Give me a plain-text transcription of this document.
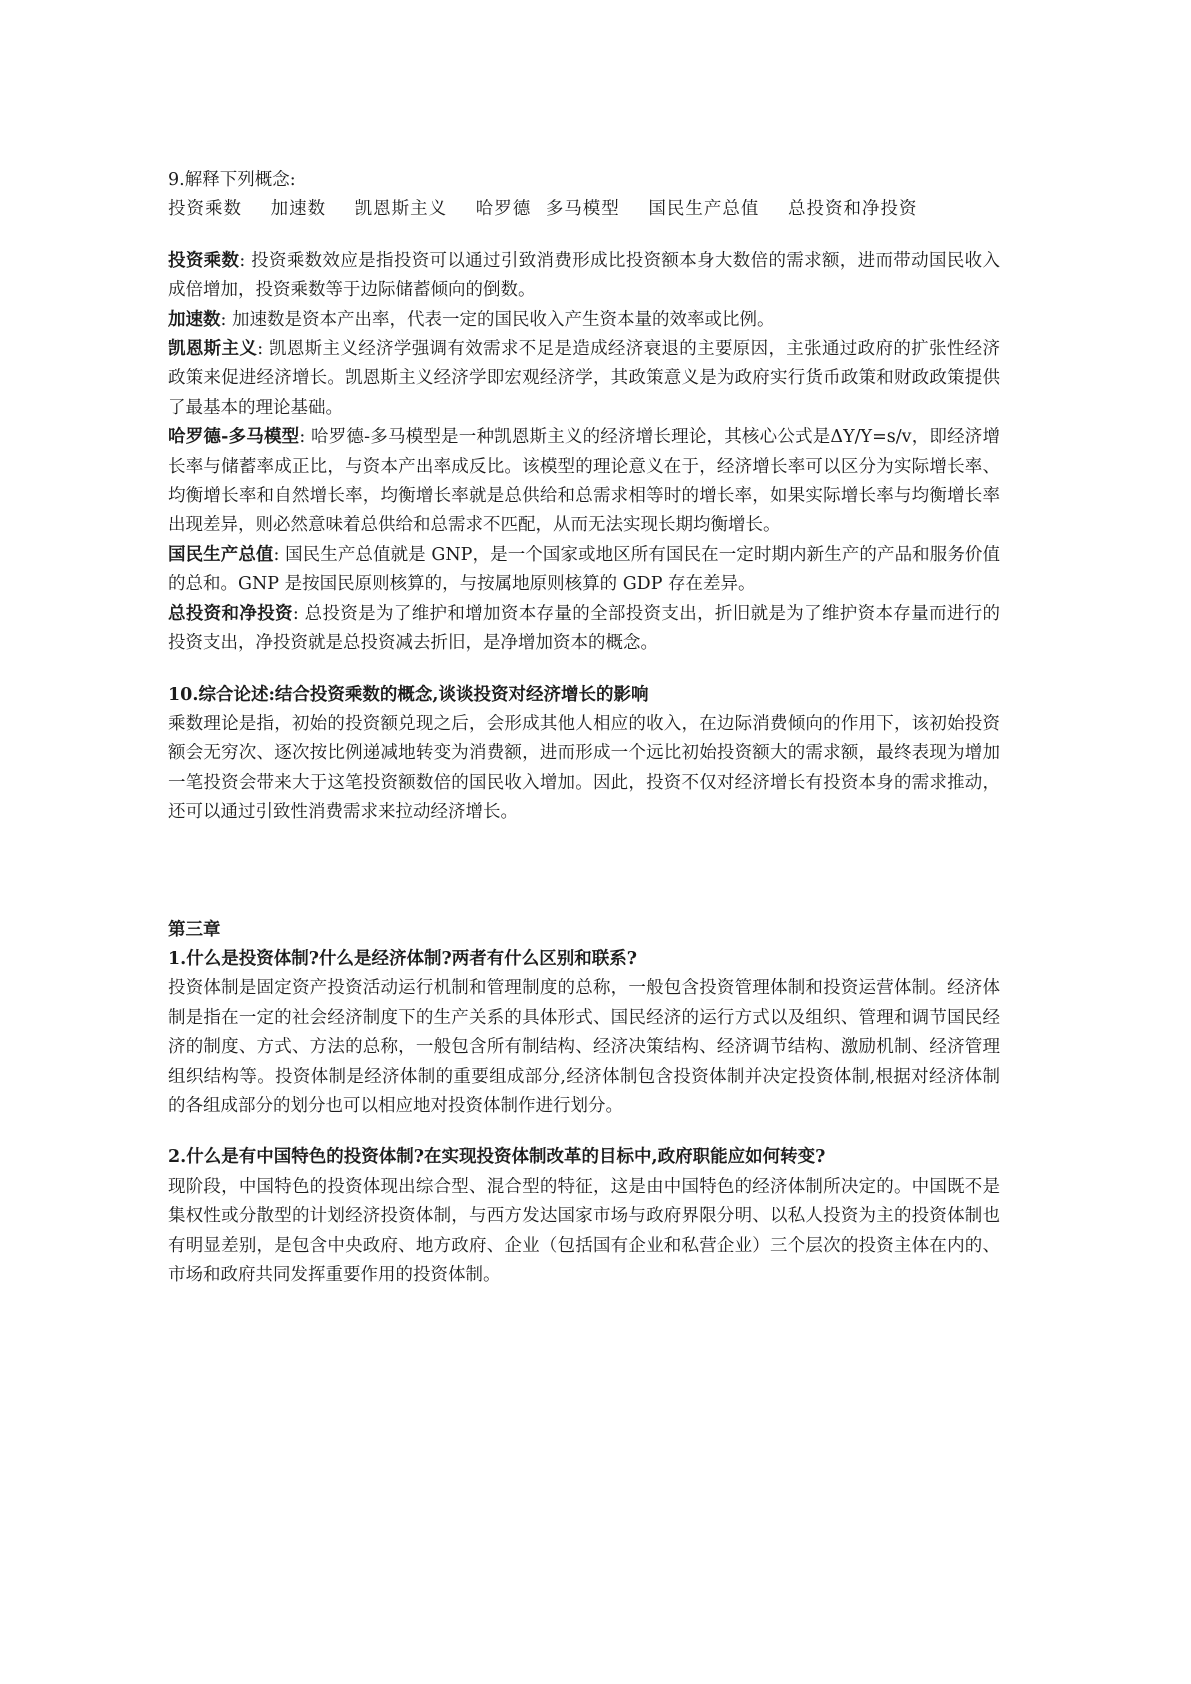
9.解释下列概念:

投资乘数 加速数 凯恩斯主义 哈罗德 多马模型 国民生产总值 总投资和净投资

投资乘数: 投资乘数效应是指投资可以通过引致消费形成比投资额本身大数倍的需求额，进而带动国民收入成倍增加，投资乘数等于边际储蓄倾向的倒数。

加速数: 加速数是资本产出率，代表一定的国民收入产生资本量的效率或比例。

凯恩斯主义: 凯恩斯主义经济学强调有效需求不足是造成经济衰退的主要原因，主张通过政府的扩张性经济政策来促进经济增长。凯恩斯主义经济学即宏观经济学，其政策意义是为政府实行货币政策和财政政策提供了最基本的理论基础。

哈罗德-多马模型: 哈罗德-多马模型是一种凯恩斯主义的经济增长理论，其核心公式是ΔY/Y=s/v，即经济增长率与储蓄率成正比，与资本产出率成反比。该模型的理论意义在于，经济增长率可以区分为实际增长率、均衡增长率和自然增长率，均衡增长率就是总供给和总需求相等时的增长率，如果实际增长率与均衡增长率出现差异，则必然意味着总供给和总需求不匹配，从而无法实现长期均衡增长。

国民生产总值: 国民生产总值就是 GNP，是一个国家或地区所有国民在一定时期内新生产的产品和服务价值的总和。GNP 是按国民原则核算的，与按属地原则核算的 GDP 存在差异。

总投资和净投资: 总投资是为了维护和增加资本存量的全部投资支出，折旧就是为了维护资本存量而进行的投资支出，净投资就是总投资减去折旧，是净增加资本的概念。

10.综合论述:结合投资乘数的概念,谈谈投资对经济增长的影响

乘数理论是指，初始的投资额兑现之后，会形成其他人相应的收入，在边际消费倾向的作用下，该初始投资额会无穷次、逐次按比例递减地转变为消费额，进而形成一个远比初始投资额大的需求额，最终表现为增加一笔投资会带来大于这笔投资额数倍的国民收入增加。因此，投资不仅对经济增长有投资本身的需求推动，还可以通过引致性消费需求来拉动经济增长。

第三章

1.什么是投资体制?什么是经济体制?两者有什么区别和联系?

投资体制是固定资产投资活动运行机制和管理制度的总称，一般包含投资管理体制和投资运营体制。经济体制是指在一定的社会经济制度下的生产关系的具体形式、国民经济的运行方式以及组织、管理和调节国民经济的制度、方式、方法的总称，一般包含所有制结构、经济决策结构、经济调节结构、激励机制、经济管理组织结构等。投资体制是经济体制的重要组成部分,经济体制包含投资体制并决定投资体制,根据对经济体制的各组成部分的划分也可以相应地对投资体制作进行划分。

2.什么是有中国特色的投资体制?在实现投资体制改革的目标中,政府职能应如何转变?

现阶段，中国特色的投资体现出综合型、混合型的特征，这是由中国特色的经济体制所决定的。中国既不是集权性或分散型的计划经济投资体制，与西方发达国家市场与政府界限分明、以私人投资为主的投资体制也有明显差别，是包含中央政府、地方政府、企业（包括国有企业和私营企业）三个层次的投资主体在内的、市场和政府共同发挥重要作用的投资体制。
